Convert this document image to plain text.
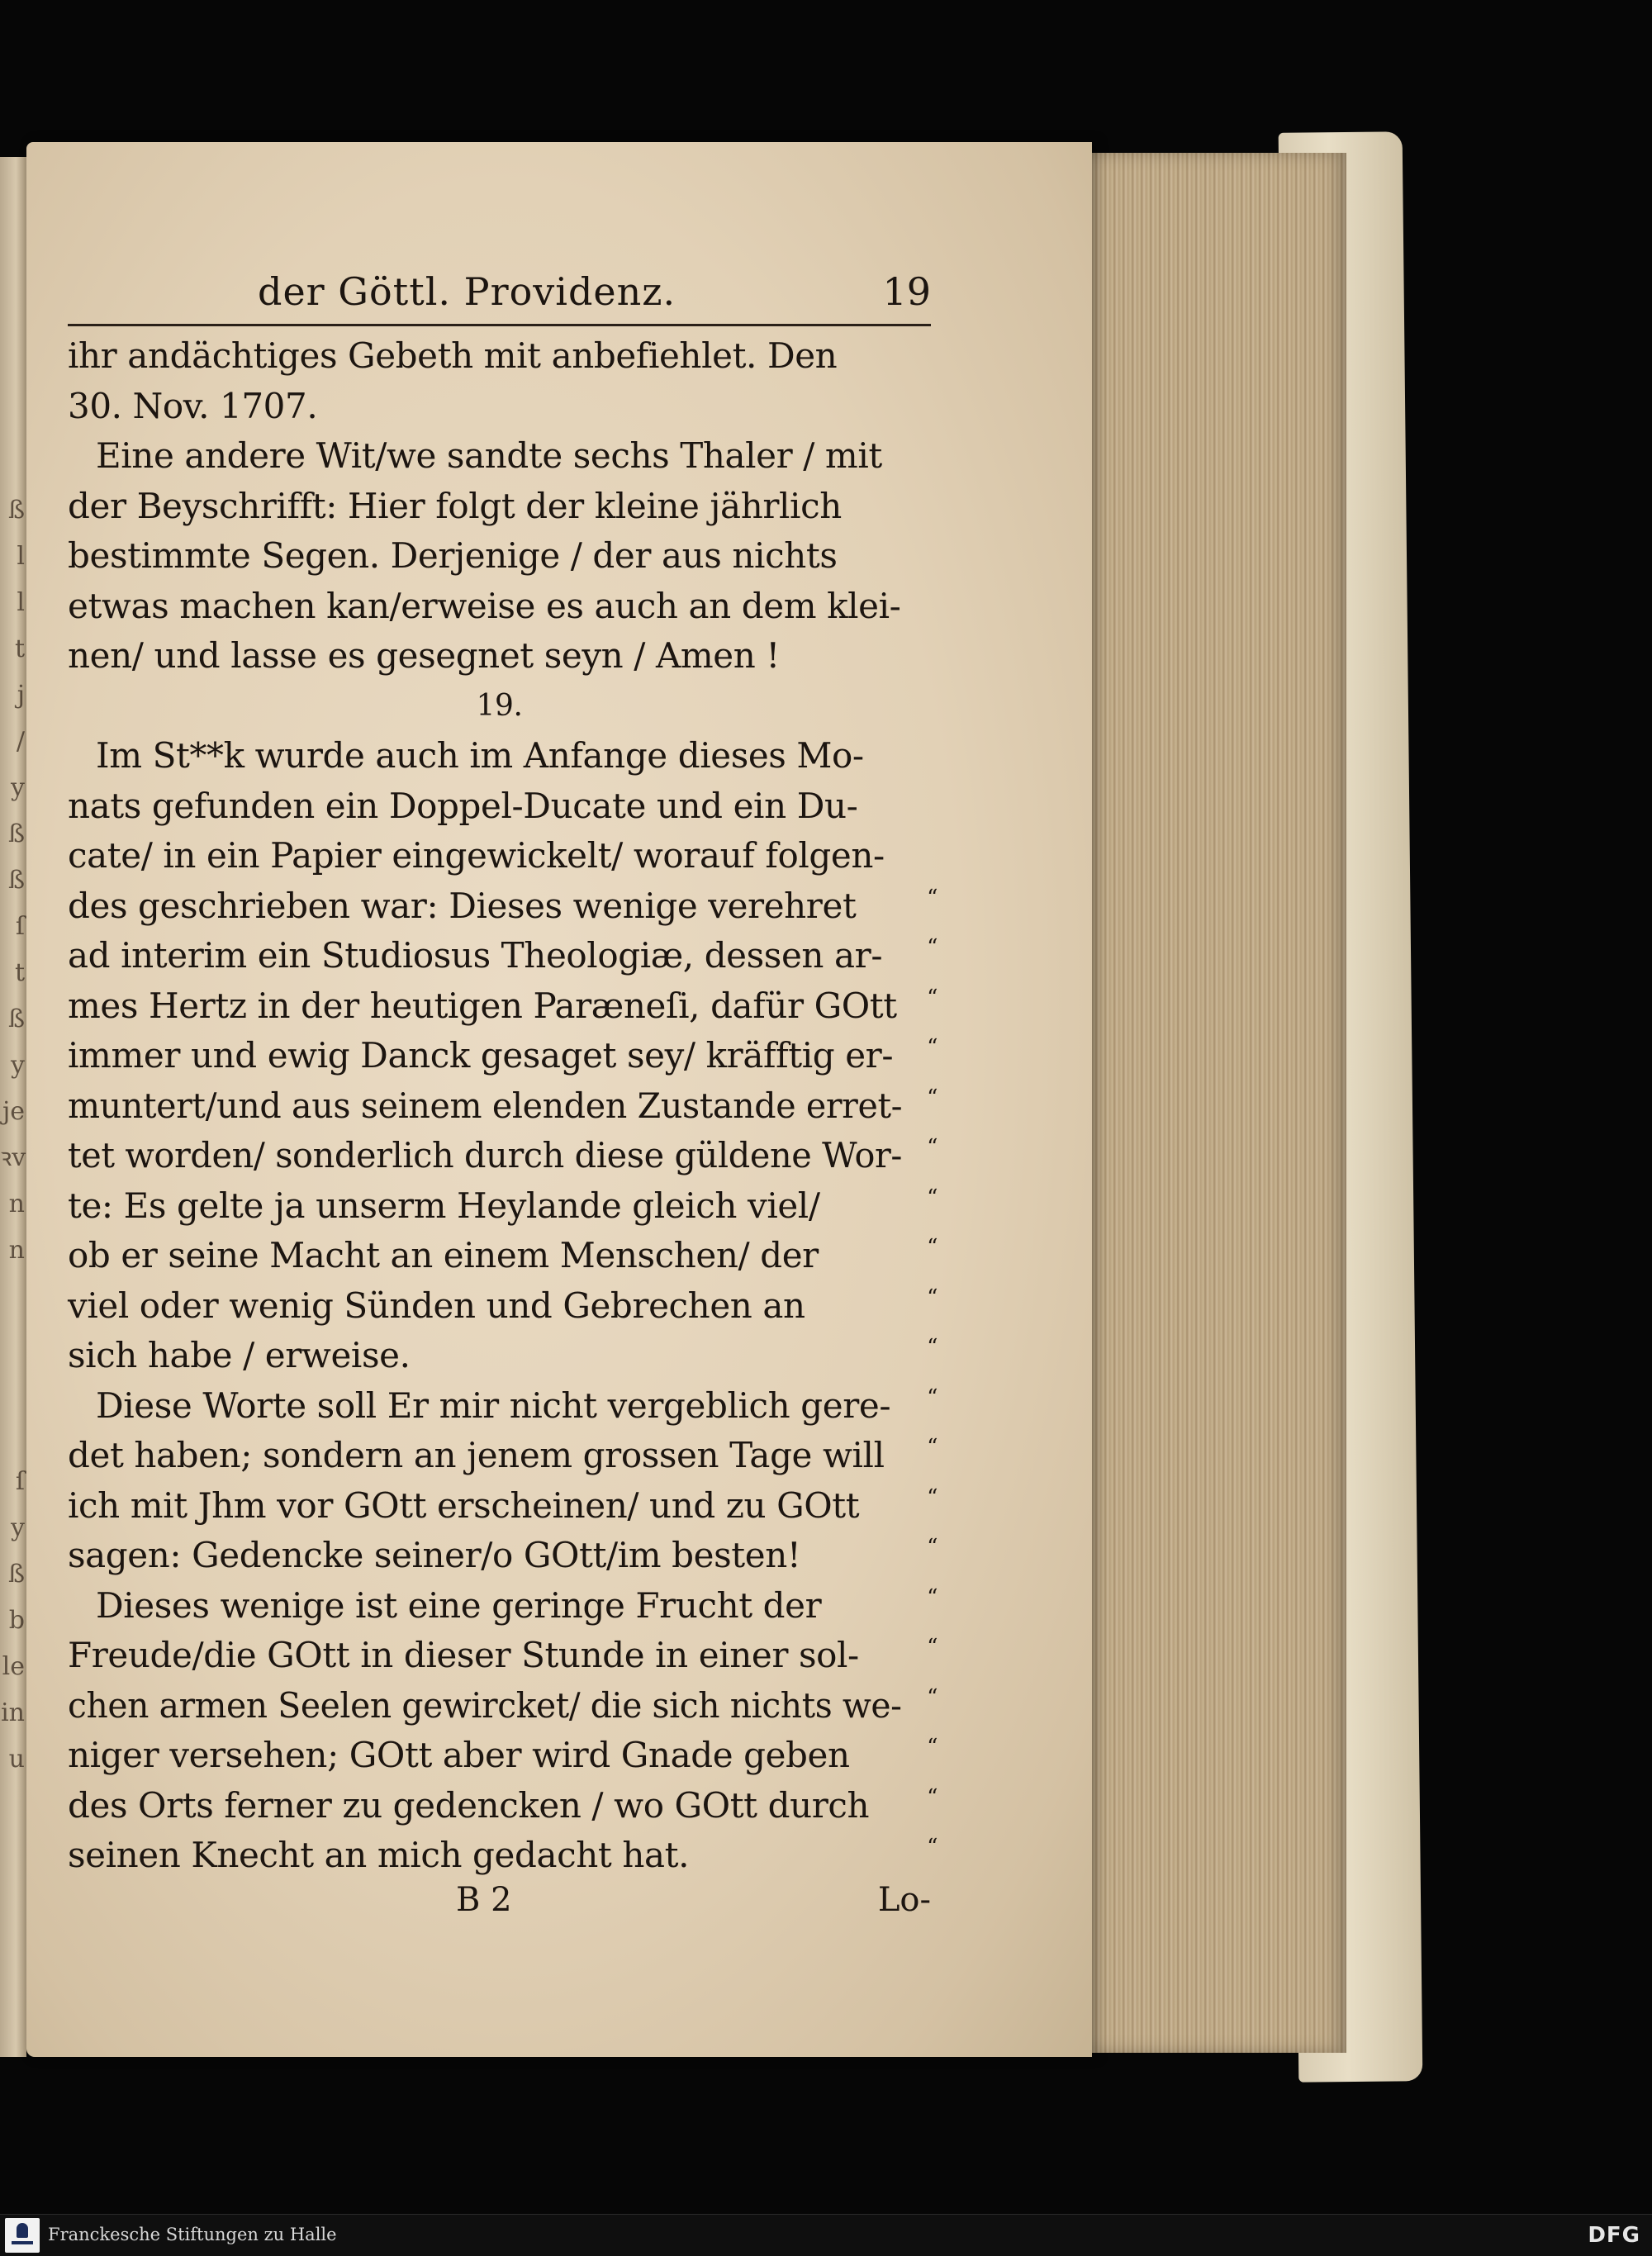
ß
l
l
t
j
/
y
ß
ß
ſ
t
ß
y
je
ꝛv
n
n

ſ
y
ß
b
le
in
u
der Göttl. Providenz.	19
ihr andächtiges Gebeth mit anbefiehlet. Den
30. Nov. 1707.
Eine andere Wit/we sandte sechs Thaler / mit
der Beyschrifft: Hier folgt der kleine jährlich
bestimmte Segen. Derjenige / der aus nichts
etwas machen kan/erweise es auch an dem klei-
nen/ und lasse es gesegnet seyn / Amen !
19.
Im St**k wurde auch im Anfange dieses Mo-
nats gefunden ein Doppel-Ducate und ein Du-
cate/ in ein Papier eingewickelt/ worauf folgen-
des geschrieben war: Dieses wenige verehret	“
ad interim ein Studiosus Theologiæ, dessen ar- “
mes Hertz in der heutigen Paræneſi, dafür GOtt “
immer und ewig Danck gesaget sey/ kräfftig er- “
muntert/und aus seinem elenden Zustande erret- “
tet worden/ sonderlich durch diese güldene Wor- “
te: Es gelte ja unserm Heylande gleich viel/	“
ob er seine Macht an einem Menschen/ der	“
viel oder wenig Sünden und Gebrechen an	“
sich habe / erweise.	“
Diese Worte soll Er mir nicht vergeblich gere- “
det haben; sondern an jenem grossen Tage will “
ich mit Jhm vor GOtt erscheinen/ und zu GOtt	“
sagen: Gedencke seiner/o GOtt/im besten!	“
Dieses wenige ist eine geringe Frucht der	“
Freude/die GOtt in dieser Stunde in einer sol-	“
chen armen Seelen gewircket/ die sich nichts we- “
niger versehen; GOtt aber wird Gnade geben	“
des Orts ferner zu gedencken / wo GOtt durch	“
seinen Knecht an mich gedacht hat.	“
B 2	Lo-
Franckesche Stiftungen zu Halle	DFG
